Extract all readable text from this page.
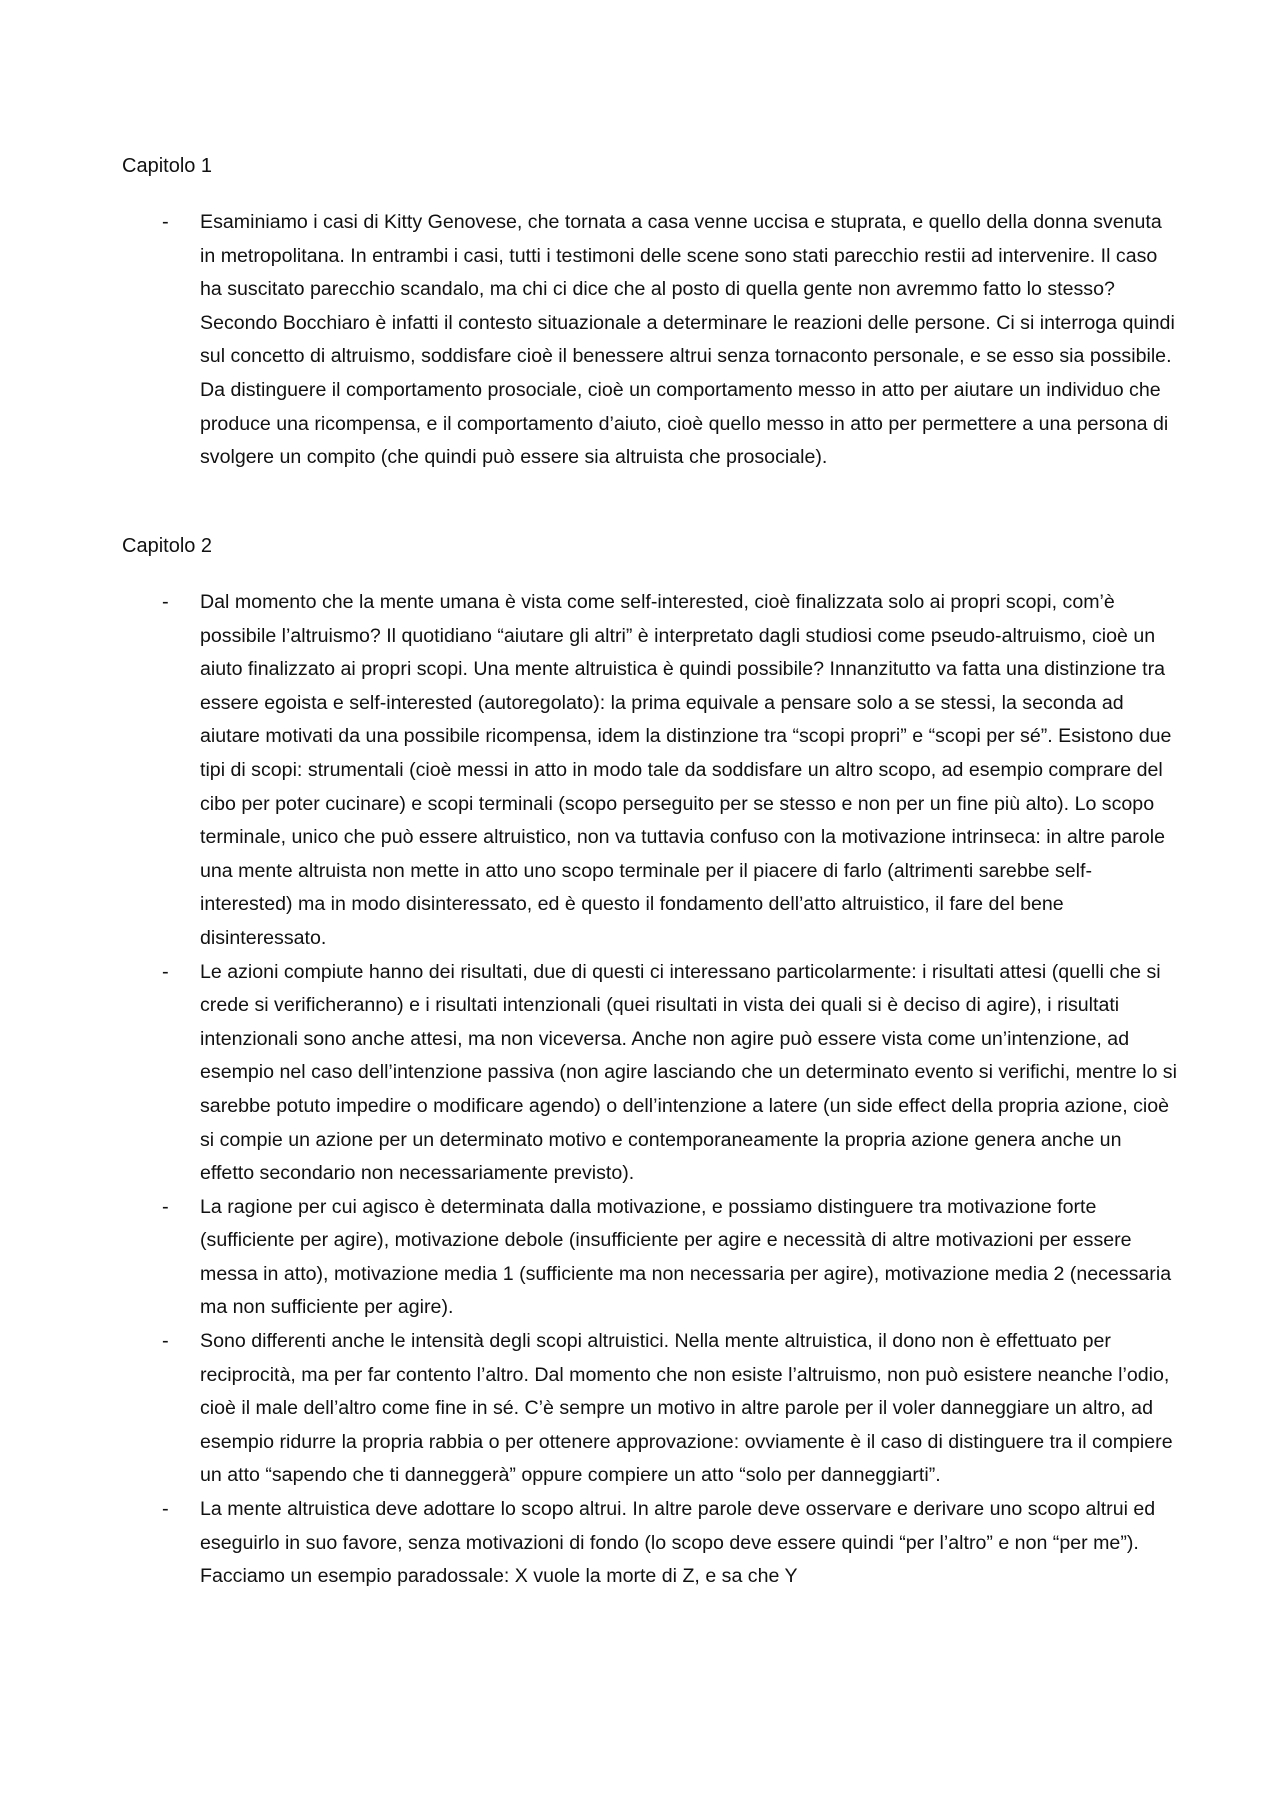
Capitolo 1
- Esaminiamo i casi di Kitty Genovese, che tornata a casa venne uccisa e stuprata, e quello della donna svenuta in metropolitana. In entrambi i casi, tutti i testimoni delle scene sono stati parecchio restii ad intervenire. Il caso ha suscitato parecchio scandalo, ma chi ci dice che al posto di quella gente non avremmo fatto lo stesso? Secondo Bocchiaro è infatti il contesto situazionale a determinare le reazioni delle persone. Ci si interroga quindi sul concetto di altruismo, soddisfare cioè il benessere altrui senza tornaconto personale, e se esso sia possibile. Da distinguere il comportamento prosociale, cioè un comportamento messo in atto per aiutare un individuo che produce una ricompensa, e il comportamento d’aiuto, cioè quello messo in atto per permettere a una persona di svolgere un compito (che quindi può essere sia altruista che prosociale).

Capitolo 2
- Dal momento che la mente umana è vista come self-interested, cioè finalizzata solo ai propri scopi, com’è possibile l’altruismo? Il quotidiano “aiutare gli altri” è interpretato dagli studiosi come pseudo-altruismo, cioè un aiuto finalizzato ai propri scopi. Una mente altruistica è quindi possibile? Innanzitutto va fatta una distinzione tra essere egoista e self-interested (autoregolato): la prima equivale a pensare solo a se stessi, la seconda ad aiutare motivati da una possibile ricompensa, idem la distinzione tra “scopi propri” e “scopi per sé”. Esistono due tipi di scopi: strumentali (cioè messi in atto in modo tale da soddisfare un altro scopo, ad esempio comprare del cibo per poter cucinare) e scopi terminali (scopo perseguito per se stesso e non per un fine più alto). Lo scopo terminale, unico che può essere altruistico, non va tuttavia confuso con la motivazione intrinseca: in altre parole una mente altruista non mette in atto uno scopo terminale per il piacere di farlo (altrimenti sarebbe self-interested) ma in modo disinteressato, ed è questo il fondamento dell’atto altruistico, il fare del bene disinteressato.

- Le azioni compiute hanno dei risultati, due di questi ci interessano particolarmente: i risultati attesi (quelli che si crede si verificheranno) e i risultati intenzionali (quei risultati in vista dei quali si è deciso di agire), i risultati intenzionali sono anche attesi, ma non viceversa. Anche non agire può essere vista come un’intenzione, ad esempio nel caso dell’intenzione passiva (non agire lasciando che un determinato evento si verifichi, mentre lo si sarebbe potuto impedire o modificare agendo) o dell’intenzione a latere (un side effect della propria azione, cioè si compie un azione per un determinato motivo e contemporaneamente la propria azione genera anche un effetto secondario non necessariamente previsto).

- La ragione per cui agisco è determinata dalla motivazione, e possiamo distinguere tra motivazione forte (sufficiente per agire), motivazione debole (insufficiente per agire e necessità di altre motivazioni per essere messa in atto), motivazione media 1 (sufficiente ma non necessaria per agire), motivazione media 2 (necessaria ma non sufficiente per agire).

- Sono differenti anche le intensità degli scopi altruistici. Nella mente altruistica, il dono non è effettuato per reciprocità, ma per far contento l’altro. Dal momento che non esiste l’altruismo, non può esistere neanche l’odio, cioè il male dell’altro come fine in sé. C’è sempre un motivo in altre parole per il voler danneggiare un altro, ad esempio ridurre la propria rabbia o per ottenere approvazione: ovviamente è il caso di distinguere tra il compiere un atto “sapendo che ti danneggerà” oppure compiere un atto “solo per danneggiarti”.

- La mente altruistica deve adottare lo scopo altrui. In altre parole deve osservare e derivare uno scopo altrui ed eseguirlo in suo favore, senza motivazioni di fondo (lo scopo deve essere quindi “per l’altro” e non “per me”). Facciamo un esempio paradossale: X vuole la morte di Z, e sa che Y
